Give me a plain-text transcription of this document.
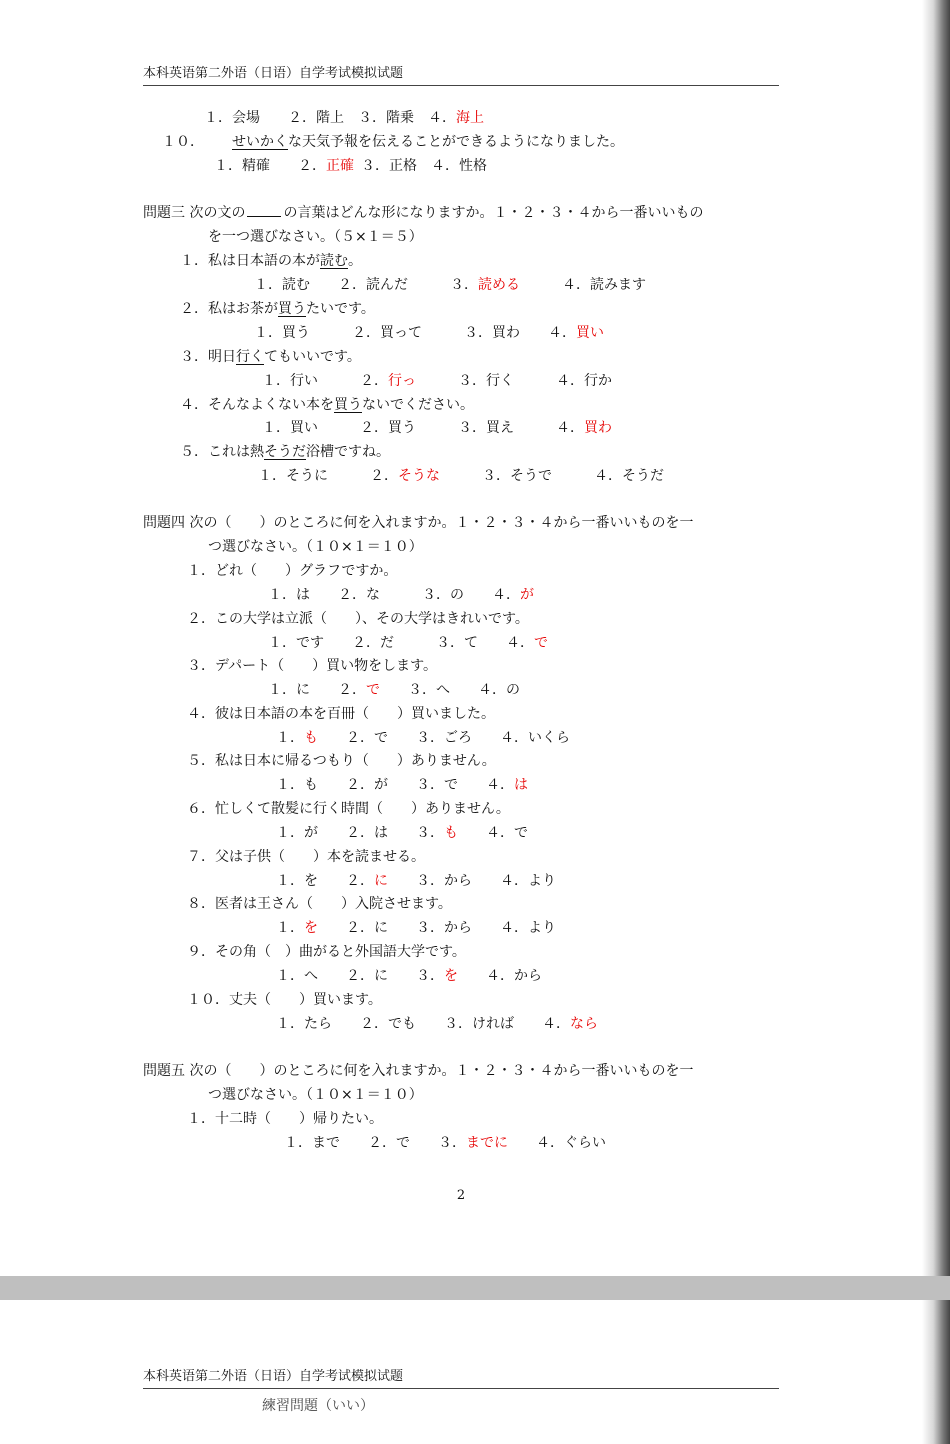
本科英语第二外语（日语）自学考试模拟试题
１．会場   ２．階上  ３．階乗  ４．海上
１０．   せいかくな天気予報を伝えることができるようになりました。
１．精確   ２．正確  ３．正格  ４．性格
問題三 次の文の	の言葉はどんな形になりますか。１・２・３・４から一番いいもの
を一つ選びなさい。（５×１＝５）
１．私は日本語の本が読む。
１．読む   ２．読んだ   	３．読める   	４．読みます
２．私はお茶が買うたいです。
１．買う   	２．買って   	３．買わ   ４．買い
３．明日行くてもいいです。
１．行い   	２．行っ   	３．行く   	４．行か
４．そんなよくない本を買うないでください。
１．買い   	２．買う   	３．買え   	４．買わ
５．これは熱そうだ浴槽ですね。
１．そうに   	２．そうな   	３．そうで   	４．そうだ
問題四 次の（　　）のところに何を入れますか。１・２・３・４から一番いいものを一
つ選びなさい。（１０×１＝１０）
１．どれ（　　）グラフですか。
１．は   ２．な   	３．の   ４．が
２．この大学は立派（　　）、その大学はきれいです。
１．です   ２．だ   	３．て   ４．で
３．デパート（　　）買い物をします。
１．に   ２．で   ３．へ   ４．の
４．彼は日本語の本を百冊（　　）買いました。
１．も   ２．で   ３．ごろ   ４．いくら
５．私は日本に帰るつもり（　　）ありません。
１．も   ２．が   ３．で   ４．は
６．忙しくて散髪に行く時間（　　）ありません。
１．が   ２．は   ３．も   ４．で
７．父は子供（　　）本を読ませる。
１．を   ２．に   ３．から   ４．より
８．医者は王さん（　　）入院させます。
１．を   ２．に   ３．から   ４．より
９．その角（　）曲がると外国語大学です。
１．へ   ２．に   ３．を   ４．から
１０．丈夫（　　）買います。
１．たら   ２．でも   ３．ければ   ４．なら
問題五 次の（　　）のところに何を入れますか。１・２・３・４から一番いいものを一
つ選びなさい。（１０×１＝１０）
１．十二時（　　）帰りたい。
１．まで   ２．で   ３．までに   ４．ぐらい
2
本科英语第二外语（日语）自学考试模拟试题
練習問題（いい）
